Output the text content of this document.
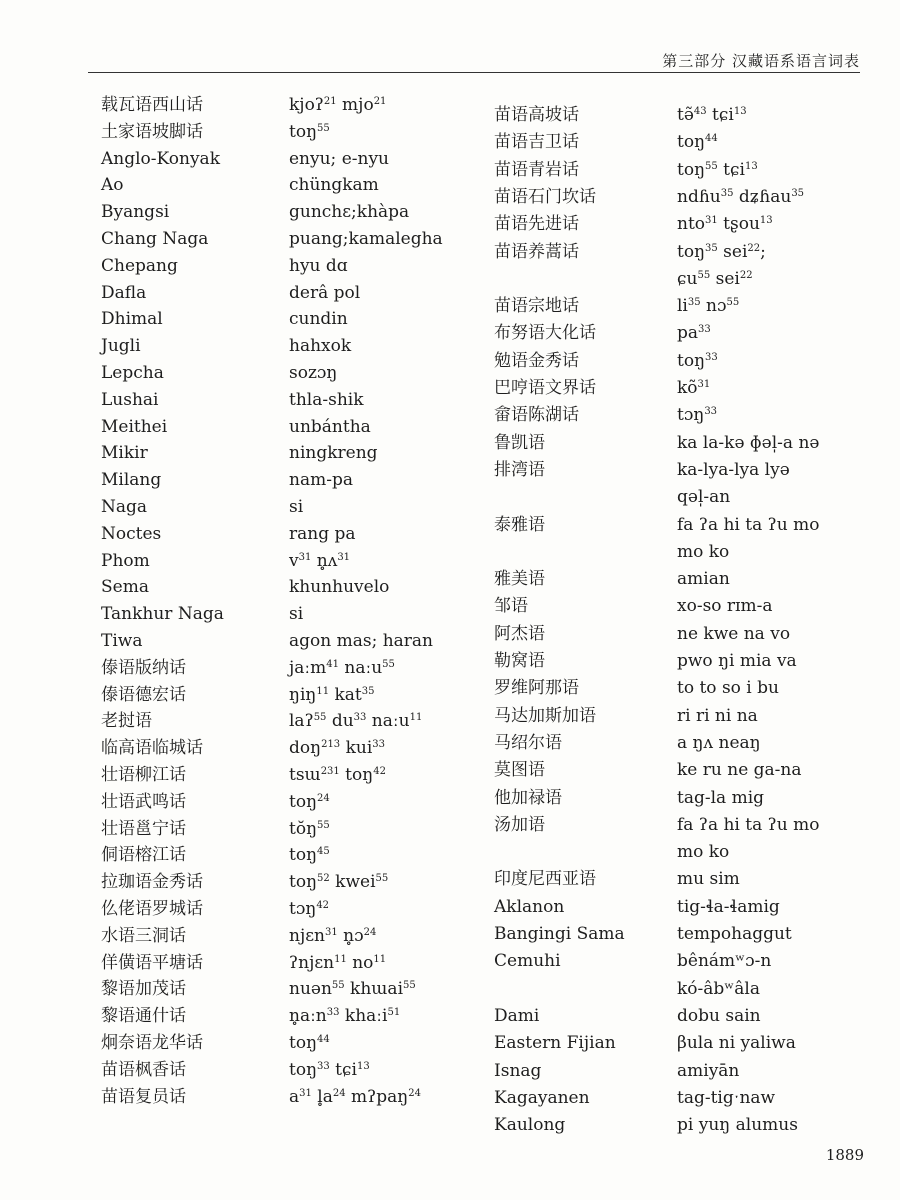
第三部分 汉藏语系语言词表
载瓦语西山话
土家语坡脚话
Anglo-Konyak
Ao
Byangsi
Chang Naga
Chepang
Dafla
Dhimal
Jugli
Lepcha
Lushai
Meithei
Mikir
Milang
Naga
Noctes
Phom
Sema
Tankhur Naga
Tiwa
傣语版纳话
傣语德宏话
老挝语
临高语临城话
壮语柳江话
壮语武鸣话
壮语邕宁话
侗语榕江话
拉珈语金秀话
仫佬语罗城话
水语三洞话
佯僙语平塘话
黎语加茂话
黎语通什话
炯奈语龙华话
苗语枫香话
苗语复员话
kjoʔ$^{21}$ mjo$^{21}$
toŋ$^{55}$
enyu; e-nyu
chüngkam
gunchɛ;khàpa
puang;kamalegha
hyu dɑ
derâ pol
cundin
hahxok
sozɔŋ
thla-shik
unbántha
ningkreng
nam-pa
si
rang pa
$v^{31}$ n̥ʌ$^{31}$
khunhuvelo
si
agon mas; haran
jaːm$^{41}$ naːu$^{55}$
ŋiŋ$^{11}$ kat$^{35}$
laʔ$^{55}$ $du^{33}$ naːu$^{11}$
doŋ$^{213}$ kui$^{33}$
tsɯ$^{231}$ toŋ$^{42}$
toŋ$^{24}$
tŏŋ$^{55}$
toŋ$^{45}$
toŋ$^{52}$ kwei$^{55}$
tɔŋ$^{42}$
njɛn$^{31}$ n̥ɔ$^{24}$
ʔnjɛn$^{11}$ $no^{11}$
nuən$^{55}$ khɯai$^{55}$
n̥aːn$^{33}$ khaːi$^{51}$
toŋ$^{44}$
toŋ$^{33}$ tɕi$^{13}$
$a^{31}$ $l̥a^{24}$ mʔpaŋ$^{24}$
苗语高坡话
苗语吉卫话
苗语青岩话
苗语石门坎话
苗语先进话
苗语养蒿话
苗语宗地话
布努语大化话
勉语金秀话
巴哼语文界话
畲语陈湖话
鲁凯语
排湾语
泰雅语
雅美语
邹语
阿杰语
勒窝语
罗维阿那语
马达加斯加语
马绍尔语
莫图语
他加禄语
汤加语
印度尼西亚语
Aklanon
Bangingi Sama
Cemuhi
Dami
Eastern Fijian
Isnag
Kagayanen
Kaulong
tə̃$^{43}$ tɕi$^{13}$
toŋ$^{44}$
toŋ$^{55}$ tɕi$^{13}$
ndɦu$^{35}$ dʑɦau$^{35}$
nto$^{31}$ tʂou$^{13}$
toŋ$^{35}$ sei$^{22}$;
ɕu$^{55}$ sei$^{22}$
$li^{35}$ nɔ$^{55}$
$pa^{33}$
toŋ$^{33}$
$kõ^{31}$
tɔŋ$^{33}$
ka la-kə ɸəl̩-a nə
ka-lya-lya lyə
qəl̩-an
fa ʔa hi ta ʔu mo
mo ko
amian
xo-so rɪm-a
ne kwe na vo
pwo ŋi mia va
to to so i bu
ri ri ni na
a ŋʌ neaŋ
ke ru ne ga-na
tag-la mig
fa ʔa hi ta ʔu mo
mo ko
mu sim
tig-ɬa-ɬamig
tempohaggut
bênámʷɔ-n
kó-âbʷâla
dobu sain
βula ni yaliwa
amiyān
tag-tigˑnaw
pi yuŋ alumus
1889
